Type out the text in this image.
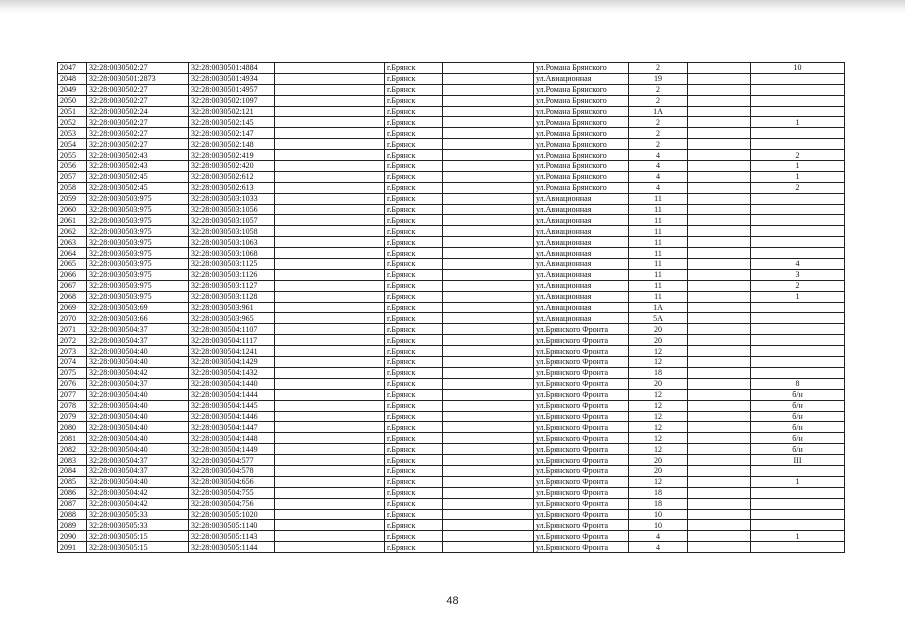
2047	32:28:0030502:27	32:28:0030501:4884		г.Брянск		ул.Романа Брянского	2		10
2048	32:28:0030501:2873	32:28:0030501:4934		г.Брянск		ул.Авиационная	19		
2049	32:28:0030502:27	32:28:0030501:4957		г.Брянск		ул.Романа Брянского	2		
2050	32:28:0030502:27	32:28:0030502:1097		г.Брянск		ул.Романа Брянского	2		
2051	32:28:0030502:24	32:28:0030502:121		г.Брянск		ул.Романа Брянского	1А		
2052	32:28:0030502:27	32:28:0030502:145		г.Брянск		ул.Романа Брянского	2		1
2053	32:28:0030502:27	32:28:0030502:147		г.Брянск		ул.Романа Брянского	2		
2054	32:28:0030502:27	32:28:0030502:148		г.Брянск		ул.Романа Брянского	2		
2055	32:28:0030502:43	32:28:0030502:419		г.Брянск		ул.Романа Брянского	4		2
2056	32:28:0030502:43	32:28:0030502:420		г.Брянск		ул.Романа Брянского	4		1
2057	32:28:0030502:45	32:28:0030502:612		г.Брянск		ул.Романа Брянского	4		1
2058	32:28:0030502:45	32:28:0030502:613		г.Брянск		ул.Романа Брянского	4		2
2059	32:28:0030503:975	32:28:0030503:1033		г.Брянск		ул.Авиационная	11		
2060	32:28:0030503:975	32:28:0030503:1056		г.Брянск		ул.Авиационная	11		
2061	32:28:0030503:975	32:28:0030503:1057		г.Брянск		ул.Авиационная	11		
2062	32:28:0030503:975	32:28:0030503:1058		г.Брянск		ул.Авиационная	11		
2063	32:28:0030503:975	32:28:0030503:1063		г.Брянск		ул.Авиационная	11		
2064	32:28:0030503:975	32:28:0030503:1068		г.Брянск		ул.Авиационная	11		
2065	32:28:0030503:975	32:28:0030503:1125		г.Брянск		ул.Авиационная	11		4
2066	32:28:0030503:975	32:28:0030503:1126		г.Брянск		ул.Авиационная	11		3
2067	32:28:0030503:975	32:28:0030503:1127		г.Брянск		ул.Авиационная	11		2
2068	32:28:0030503:975	32:28:0030503:1128		г.Брянск		ул.Авиационная	11		1
2069	32:28:0030503:69	32:28:0030503:961		г.Брянск		ул.Авиационная	1А		
2070	32:28:0030503:66	32:28:0030503:965		г.Брянск		ул.Авиационная	5А		
2071	32:28:0030504:37	32:28:0030504:1107		г.Брянск		ул.Брянского Фронта	20		
2072	32:28:0030504:37	32:28:0030504:1117		г.Брянск		ул.Брянского Фронта	20		
2073	32:28:0030504:40	32:28:0030504:1241		г.Брянск		ул.Брянского Фронта	12		
2074	32:28:0030504:40	32:28:0030504:1429		г.Брянск		ул.Брянского Фронта	12		
2075	32:28:0030504:42	32:28:0030504:1432		г.Брянск		ул.Брянского Фронта	18		
2076	32:28:0030504:37	32:28:0030504:1440		г.Брянск		ул.Брянского Фронта	20		8
2077	32:28:0030504:40	32:28:0030504:1444		г.Брянск		ул.Брянского Фронта	12		б/н
2078	32:28:0030504:40	32:28:0030504:1445		г.Брянск		ул.Брянского Фронта	12		б/н
2079	32:28:0030504:40	32:28:0030504:1446		г.Брянск		ул.Брянского Фронта	12		б/н
2080	32:28:0030504:40	32:28:0030504:1447		г.Брянск		ул.Брянского Фронта	12		б/н
2081	32:28:0030504:40	32:28:0030504:1448		г.Брянск		ул.Брянского Фронта	12		б/н
2082	32:28:0030504:40	32:28:0030504:1449		г.Брянск		ул.Брянского Фронта	12		б/н
2083	32:28:0030504:37	32:28:0030504:577		г.Брянск		ул.Брянского Фронта	20		III
2084	32:28:0030504:37	32:28:0030504:578		г.Брянск		ул.Брянского Фронта	20		
2085	32:28:0030504:40	32:28:0030504:656		г.Брянск		ул.Брянского Фронта	12		1
2086	32:28:0030504:42	32:28:0030504:755		г.Брянск		ул.Брянского Фронта	18		
2087	32:28:0030504:42	32:28:0030504:756		г.Брянск		ул.Брянского Фронта	18		
2088	32:28:0030505:33	32:28:0030505:1020		г.Брянск		ул.Брянского Фронта	10		
2089	32:28:0030505:33	32:28:0030505:1140		г.Брянск		ул.Брянского Фронта	10		
2090	32:28:0030505:15	32:28:0030505:1143		г.Брянск		ул.Брянского Фронта	4		1
2091	32:28:0030505:15	32:28:0030505:1144		г.Брянск		ул.Брянского Фронта	4		
48
